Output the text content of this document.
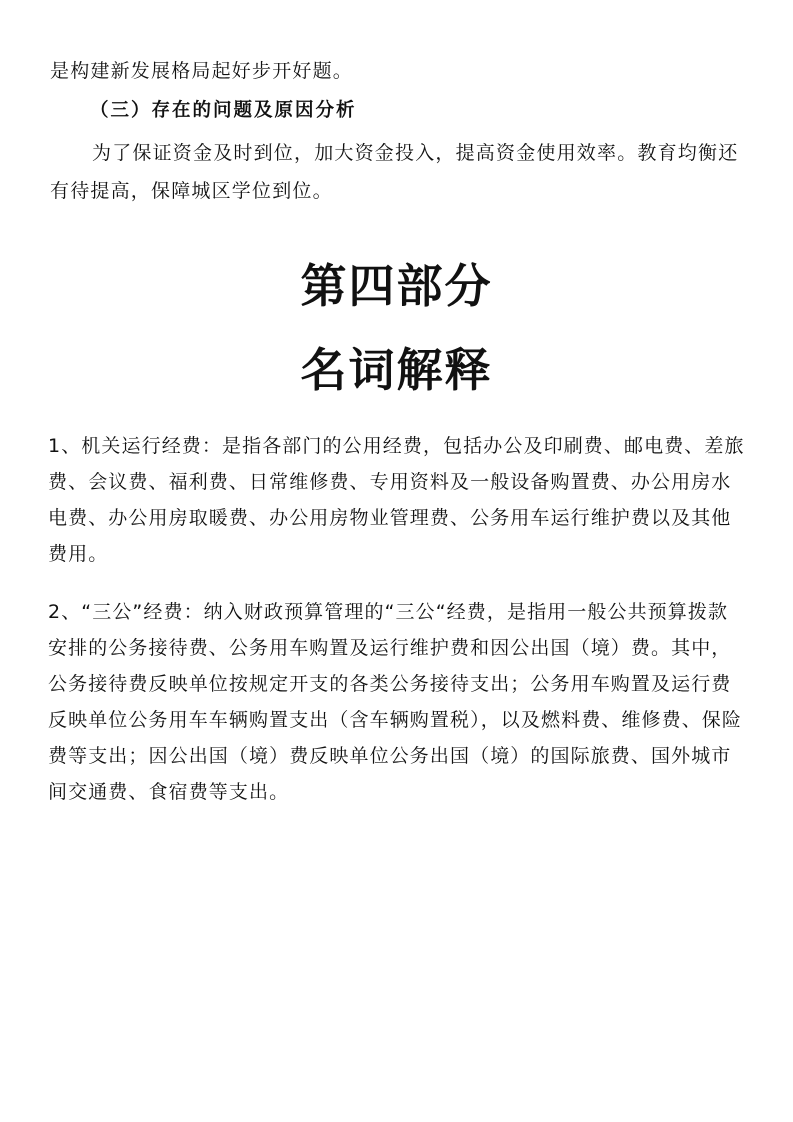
是构建新发展格局起好步开好题。

（三）存在的问题及原因分析

为了保证资金及时到位，加大资金投入，提高资金使用效率。教育均衡还有待提高，保障城区学位到位。

第四部分
名词解释

1、机关运行经费：是指各部门的公用经费，包括办公及印刷费、邮电费、差旅费、会议费、福利费、日常维修费、专用资料及一般设备购置费、办公用房水电费、办公用房取暖费、办公用房物业管理费、公务用车运行维护费以及其他费用。

2、“三公”经费：纳入财政预算管理的“三公“经费，是指用一般公共预算拨款安排的公务接待费、公务用车购置及运行维护费和因公出国（境）费。其中，公务接待费反映单位按规定开支的各类公务接待支出；公务用车购置及运行费反映单位公务用车车辆购置支出（含车辆购置税），以及燃料费、维修费、保险费等支出；因公出国（境）费反映单位公务出国（境）的国际旅费、国外城市间交通费、食宿费等支出。
